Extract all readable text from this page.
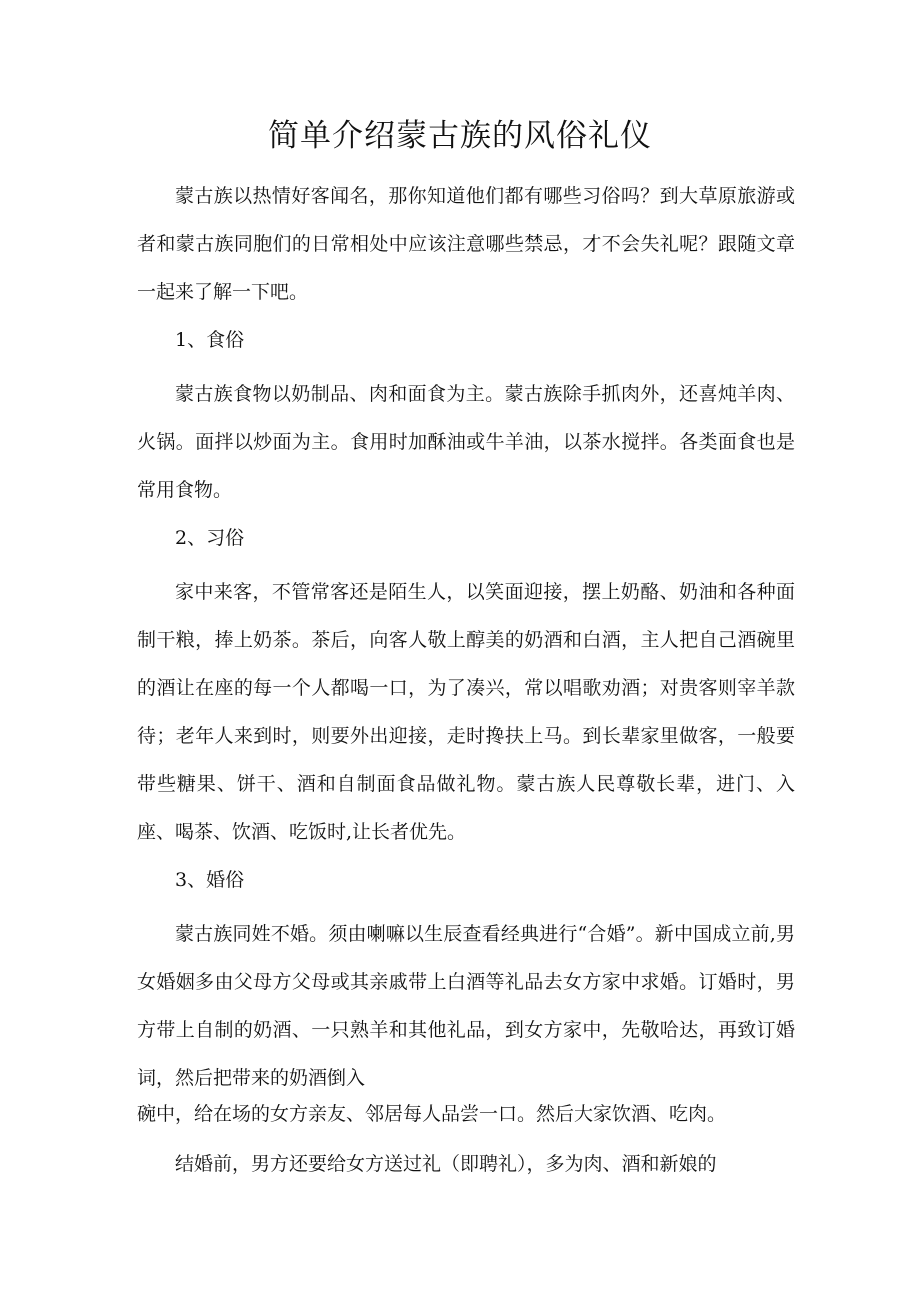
简单介绍蒙古族的风俗礼仪

蒙古族以热情好客闻名，那你知道他们都有哪些习俗吗？到大草原旅游或者和蒙古族同胞们的日常相处中应该注意哪些禁忌，才不会失礼呢？跟随文章一起来了解一下吧。

1、食俗

蒙古族食物以奶制品、肉和面食为主。蒙古族除手抓肉外，还喜炖羊肉、火锅。面拌以炒面为主。食用时加酥油或牛羊油，以茶水搅拌。各类面食也是常用食物。

2、习俗

家中来客，不管常客还是陌生人，以笑面迎接，摆上奶酪、奶油和各种面制干粮，捧上奶茶。茶后，向客人敬上醇美的奶酒和白酒，主人把自己酒碗里的酒让在座的每一个人都喝一口，为了凑兴，常以唱歌劝酒；对贵客则宰羊款待；老年人来到时，则要外出迎接，走时搀扶上马。到长辈家里做客，一般要带些糖果、饼干、酒和自制面食品做礼物。蒙古族人民尊敬长辈，进门、入座、喝茶、饮酒、吃饭时,让长者优先。

3、婚俗

蒙古族同姓不婚。须由喇嘛以生辰查看经典进行“合婚”。新中国成立前,男女婚姻多由父母方父母或其亲戚带上白酒等礼品去女方家中求婚。订婚时，男方带上自制的奶酒、一只熟羊和其他礼品，到女方家中，先敬哈达，再致订婚词，然后把带来的奶酒倒入

碗中，给在场的女方亲友、邻居每人品尝一口。然后大家饮酒、吃肉。

结婚前，男方还要给女方送过礼（即聘礼），多为肉、酒和新娘的
